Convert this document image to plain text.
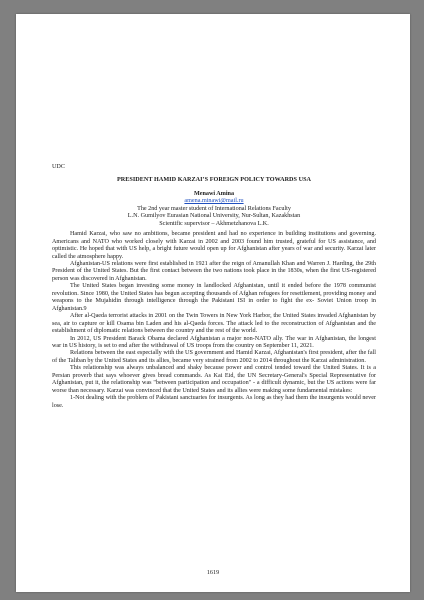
UDC
PRESIDENT HAMID KARZAI’S FOREIGN POLICY TOWARDS USA

Menawi Amina

amena.minawi@mail.ru

The 2nd year master student of International Relations Faculty

L.N. Gumilyov Eurasian National University, Nur-Sultan, Kazakhstan

Scientific supervisor – Akhmetzhanova L.K.

Hamid Karzai, who saw no ambitions, became president and had no experience in building institutions and governing. Americans and NATO who worked closely with Karzai in 2002 and 2003 found him trusted, grateful for US assistance, and optimistic. He hoped that with US help, a bright future would open up for Afghanistan after years of war and security. Karzai later called the atmosphere happy.

Afghanistan-US relations were first established in 1921 after the reign of Amanullah Khan and Warren J. Harding, the 29th President of the United States. But the first contact between the two nations took place in the 1830s, when the first US-registered person was discovered in Afghanistan.

The United States began investing some money in landlocked Afghanistan, until it ended before the 1978 communist revolution. Since 1980, the United States has begun accepting thousands of Afghan refugees for resettlement, providing money and weapons to the Mujahidin through intelligence through the Pakistani ISI in order to fight the ex- Soviet Union troop in Afghanistan.9

After al-Qaeda terrorist attacks in 2001 on the Twin Towers in New York Harbor, the United States invaded Afghanistan by sea, air to capture or kill Osama bin Laden and his al-Qaeda forces. The attack led to the reconstruction of Afghanistan and the establishment of diplomatic relations between the country and the rest of the world.

In 2012, US President Barack Obama declared Afghanistan a major non-NATO ally. The war in Afghanistan, the longest war in US history, is set to end after the withdrawal of US troops from the country on September 11, 2021.

Relations between the east especially with the US government and Hamid Karzai, Afghanistan's first president, after the fall of the Taliban by the United States and its allies, became very strained from 2002 to 2014 throughout the Karzai administration.

This relationship was always unbalanced and shaky because power and control tended toward the United States. It is a Persian proverb that says whoever gives bread commands. As Kai Eid, the UN Secretary-General's Special Representative for Afghanistan, put it, the relationship was "between participation and occupation" - a difficult dynamic, but the US actions were far worse than necessary. Karzai was convinced that the United States and its allies were making some fundamental mistakes:

1-Not dealing with the problem of Pakistani sanctuaries for insurgents. As long as they had them the insurgents would never lose.

1619
